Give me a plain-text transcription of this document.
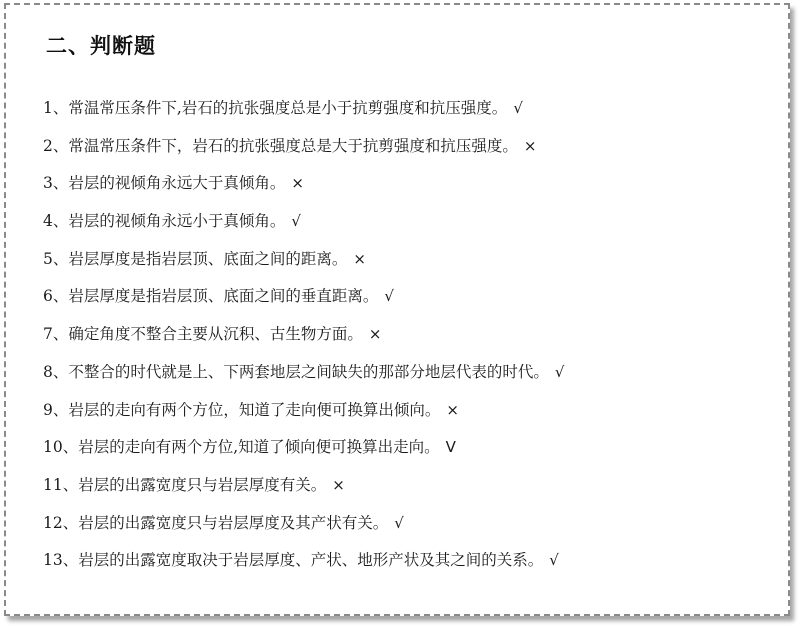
二、判断题
1、常温常压条件下,岩石的抗张强度总是小于抗剪强度和抗压强度。 √
2、常温常压条件下，岩石的抗张强度总是大于抗剪强度和抗压强度。 ×
3、岩层的视倾角永远大于真倾角。 ×
4、岩层的视倾角永远小于真倾角。 √
5、岩层厚度是指岩层顶、底面之间的距离。 ×
6、岩层厚度是指岩层顶、底面之间的垂直距离。 √
7、确定角度不整合主要从沉积、古生物方面。 ×
8、不整合的时代就是上、下两套地层之间缺失的那部分地层代表的时代。 √
9、岩层的走向有两个方位，知道了走向便可换算出倾向。 ×
10、岩层的走向有两个方位,知道了倾向便可换算出走向。 V
11、岩层的出露宽度只与岩层厚度有关。 ×
12、岩层的出露宽度只与岩层厚度及其产状有关。 √
13、岩层的出露宽度取决于岩层厚度、产状、地形产状及其之间的关系。 √
